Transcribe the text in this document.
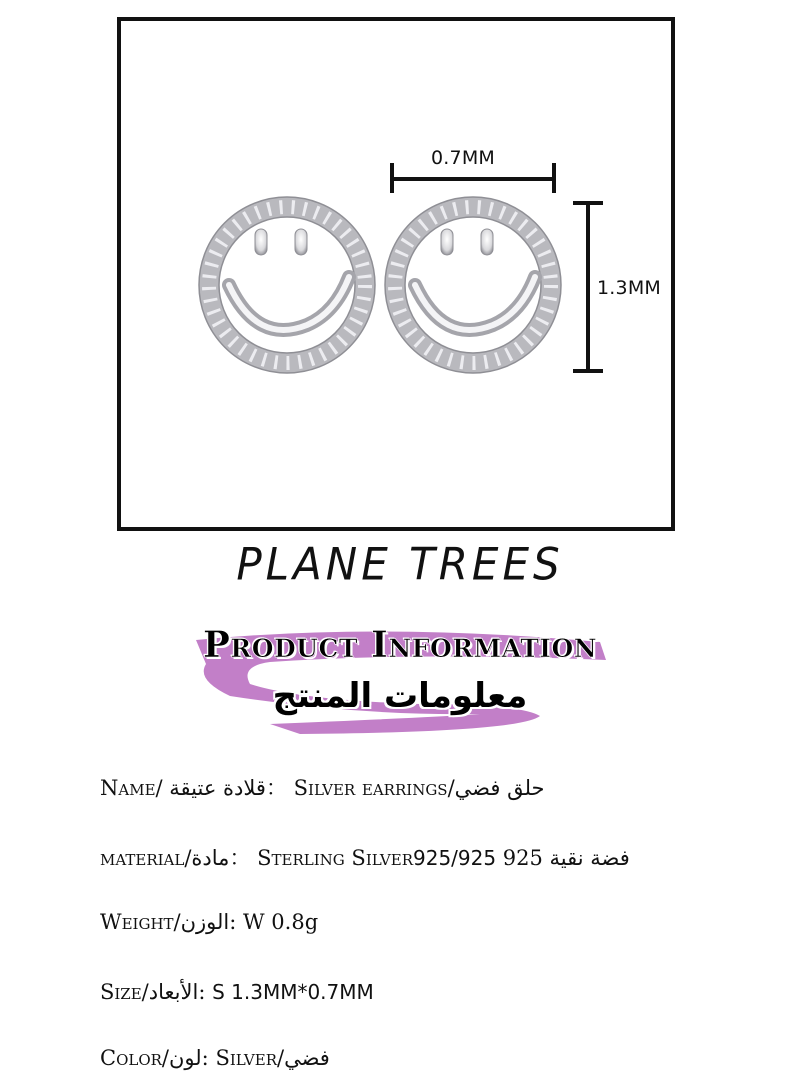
0.7MM
1.3MM
PLANE TREES
Product Information
معلومات المنتج
Name/ قلادة عتيقة： Silver earrings/حلق فضي
material/مادة： Sterling Silver925/925 فضة نقية 925
Weight/الوزن: W 0.8g
Size/الأبعاد: S 1.3MM*0.7MM
Color/لون: Silver/فضي
